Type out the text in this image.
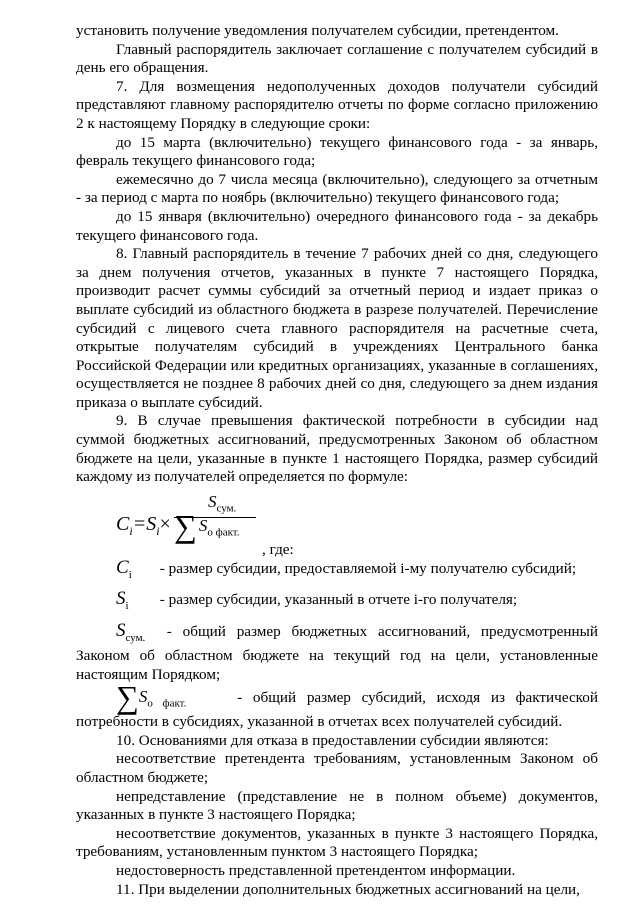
установить получение уведомления получателем субсидии, претендентом.

Главный распорядитель заключает соглашение с получателем субсидий в день его обращения.

7. Для возмещения недополученных доходов получатели субсидий представляют главному распорядителю отчеты по форме согласно приложению 2 к настоящему Порядку в следующие сроки:

до 15 марта (включительно) текущего финансового года - за январь, февраль текущего финансового года;

ежемесячно до 7 числа месяца (включительно), следующего за отчетным - за период с марта по ноябрь (включительно) текущего финансового года;

до 15 января (включительно) очередного финансового года - за декабрь текущего финансового года.

8. Главный распорядитель в течение 7 рабочих дней со дня, следующего за днем получения отчетов, указанных в пункте 7 настоящего Порядка, производит расчет суммы субсидий за отчетный период и издает приказ о выплате субсидий из областного бюджета в разрезе получателей. Перечисление субсидий с лицевого счета главного распорядителя на расчетные счета, открытые получателям субсидий в учреждениях Центрального банка Российской Федерации или кредитных организациях, указанные в соглашениях, осуществляется не позднее 8 рабочих дней со дня, следующего за днем издания приказа о выплате субсидий.

9. В случае превышения фактической потребности в субсидии над суммой бюджетных ассигнований, предусмотренных Законом об областном бюджете на цели, указанные в пункте 1 настоящего Порядка, размер субсидий каждому из получателей определяется по формуле:

$C_i=S_i\times$
$S_{сум.}$
∑ $S_{о факт.}$
, где:

$C_i$ - размер субсидии, предоставляемой i-му получателю субсидий;

$S_i$ - размер субсидии, указанный в отчете i-го получателя;

$S_{сум.}$ - общий размер бюджетных ассигнований, предусмотренный Законом об областном бюджете на текущий год на цели, установленные настоящим Порядком;

$\sum S_{о факт.}$	- общий размер субсидий, исходя из фактической потребности в субсидиях, указанной в отчетах всех получателей субсидий.

10. Основаниями для отказа в предоставлении субсидии являются:

несоответствие претендента требованиям, установленным Законом об областном бюджете;

непредставление (представление не в полном объеме) документов, указанных в пункте 3 настоящего Порядка;

несоответствие документов, указанных в пункте 3 настоящего Порядка, требованиям, установленным пунктом 3 настоящего Порядка;

недостоверность представленной претендентом информации.

11. При выделении дополнительных бюджетных ассигнований на цели,
